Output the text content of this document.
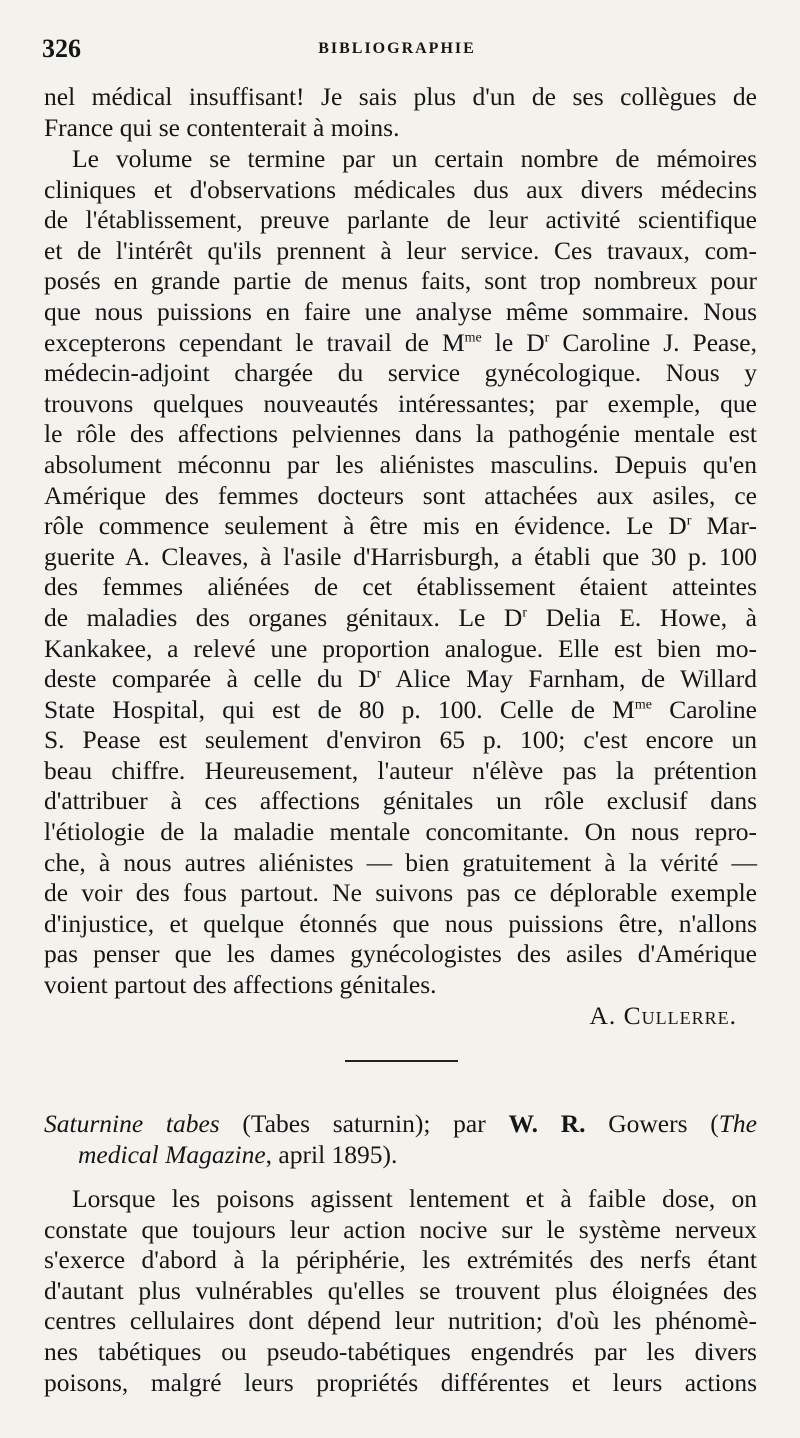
326	BIBLIOGRAPHIE
nel médical insuffisant! Je sais plus d'un de ses collègues de
France qui se contenterait à moins.
Le volume se termine par un certain nombre de mémoires
cliniques et d'observations médicales dus aux divers médecins
de l'établissement, preuve parlante de leur activité scientifique
et de l'intérêt qu'ils prennent à leur service. Ces travaux, com-
posés en grande partie de menus faits, sont trop nombreux pour
que nous puissions en faire une analyse même sommaire. Nous
excepterons cependant le travail de $M^{me}$ le $D^r$ Caroline J. Pease,
médecin-adjoint chargée du service gynécologique. Nous y
trouvons quelques nouveautés intéressantes; par exemple, que
le rôle des affections pelviennes dans la pathogénie mentale est
absolument méconnu par les aliénistes masculins. Depuis qu'en
Amérique des femmes docteurs sont attachées aux asiles, ce
rôle commence seulement à être mis en évidence. Le $D^r$ Mar-
guerite A. Cleaves, à l'asile d'Harrisburgh, a établi que 30 p. 100
des femmes aliénées de cet établissement étaient atteintes
de maladies des organes génitaux. Le $D^r$ Delia E. Howe, à
Kankakee, a relevé une proportion analogue. Elle est bien mo-
deste comparée à celle du $D^r$ Alice May Farnham, de Willard
State Hospital, qui est de 80 p. 100. Celle de $M^{me}$ Caroline
S. Pease est seulement d'environ 65 p. 100; c'est encore un
beau chiffre. Heureusement, l'auteur n'élève pas la prétention
d'attribuer à ces affections génitales un rôle exclusif dans
l'étiologie de la maladie mentale concomitante. On nous repro-
che, à nous autres aliénistes — bien gratuitement à la vérité —
de voir des fous partout. Ne suivons pas ce déplorable exemple
d'injustice, et quelque étonnés que nous puissions être, n'allons
pas penser que les dames gynécologistes des asiles d'Amérique
voient partout des affections génitales.
A. Cullerre.
Saturnine tabes (Tabes saturnin); par W. R. Gowers (The
medical Magazine, april 1895).
Lorsque les poisons agissent lentement et à faible dose, on
constate que toujours leur action nocive sur le système nerveux
s'exerce d'abord à la périphérie, les extrémités des nerfs étant
d'autant plus vulnérables qu'elles se trouvent plus éloignées des
centres cellulaires dont dépend leur nutrition; d'où les phénomè-
nes tabétiques ou pseudo-tabétiques engendrés par les divers
poisons, malgré leurs propriétés différentes et leurs actions
